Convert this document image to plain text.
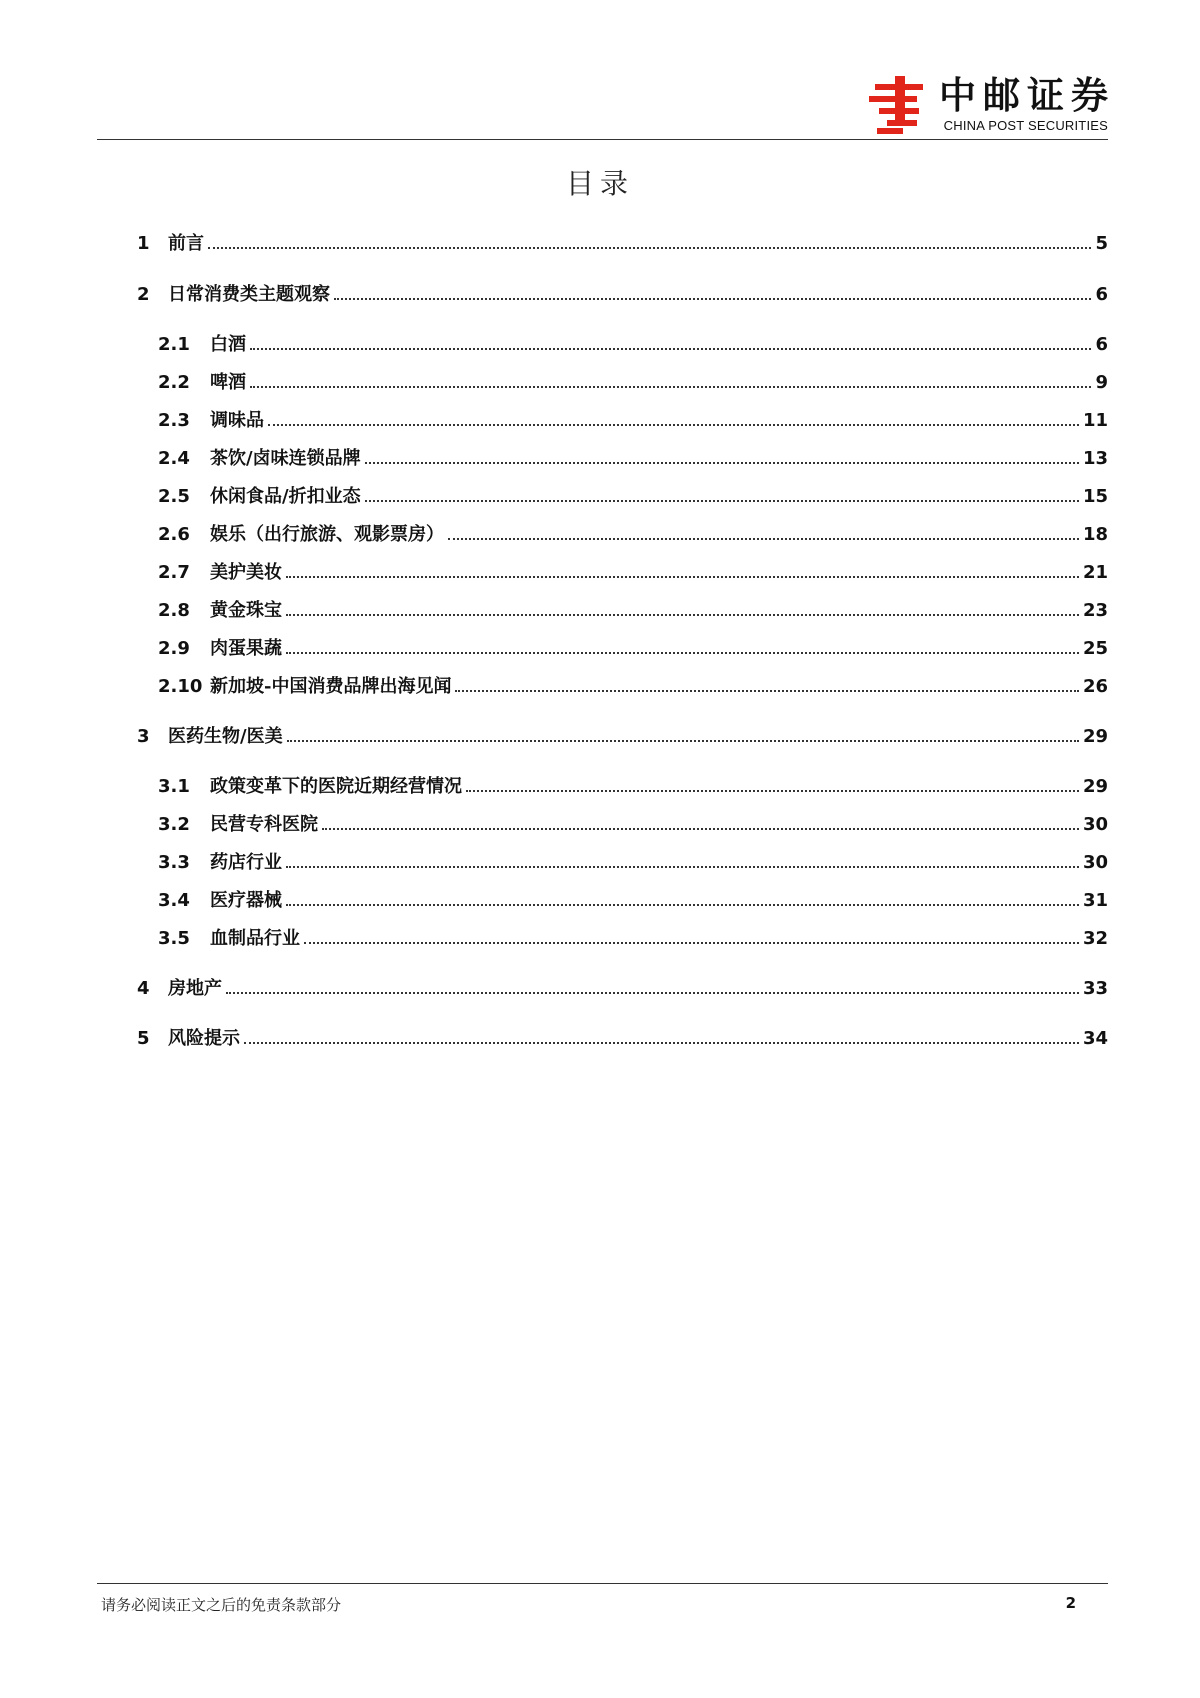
中邮证券
CHINA POST SECURITIES
目录
1	前言	5
2	日常消费类主题观察	6
2.1	白酒	6
2.2	啤酒	9
2.3	调味品	11
2.4	茶饮/卤味连锁品牌	13
2.5	休闲食品/折扣业态	15
2.6	娱乐（出行旅游、观影票房）	18
2.7	美护美妆	21
2.8	黄金珠宝	23
2.9	肉蛋果蔬	25
2.10 新加坡-中国消费品牌出海见闻	26
3	医药生物/医美	29
3.1	政策变革下的医院近期经营情况	29
3.2	民营专科医院	30
3.3	药店行业	30
3.4	医疗器械	31
3.5	血制品行业	32
4	房地产	33
5	风险提示	34
请务必阅读正文之后的免责条款部分	2
